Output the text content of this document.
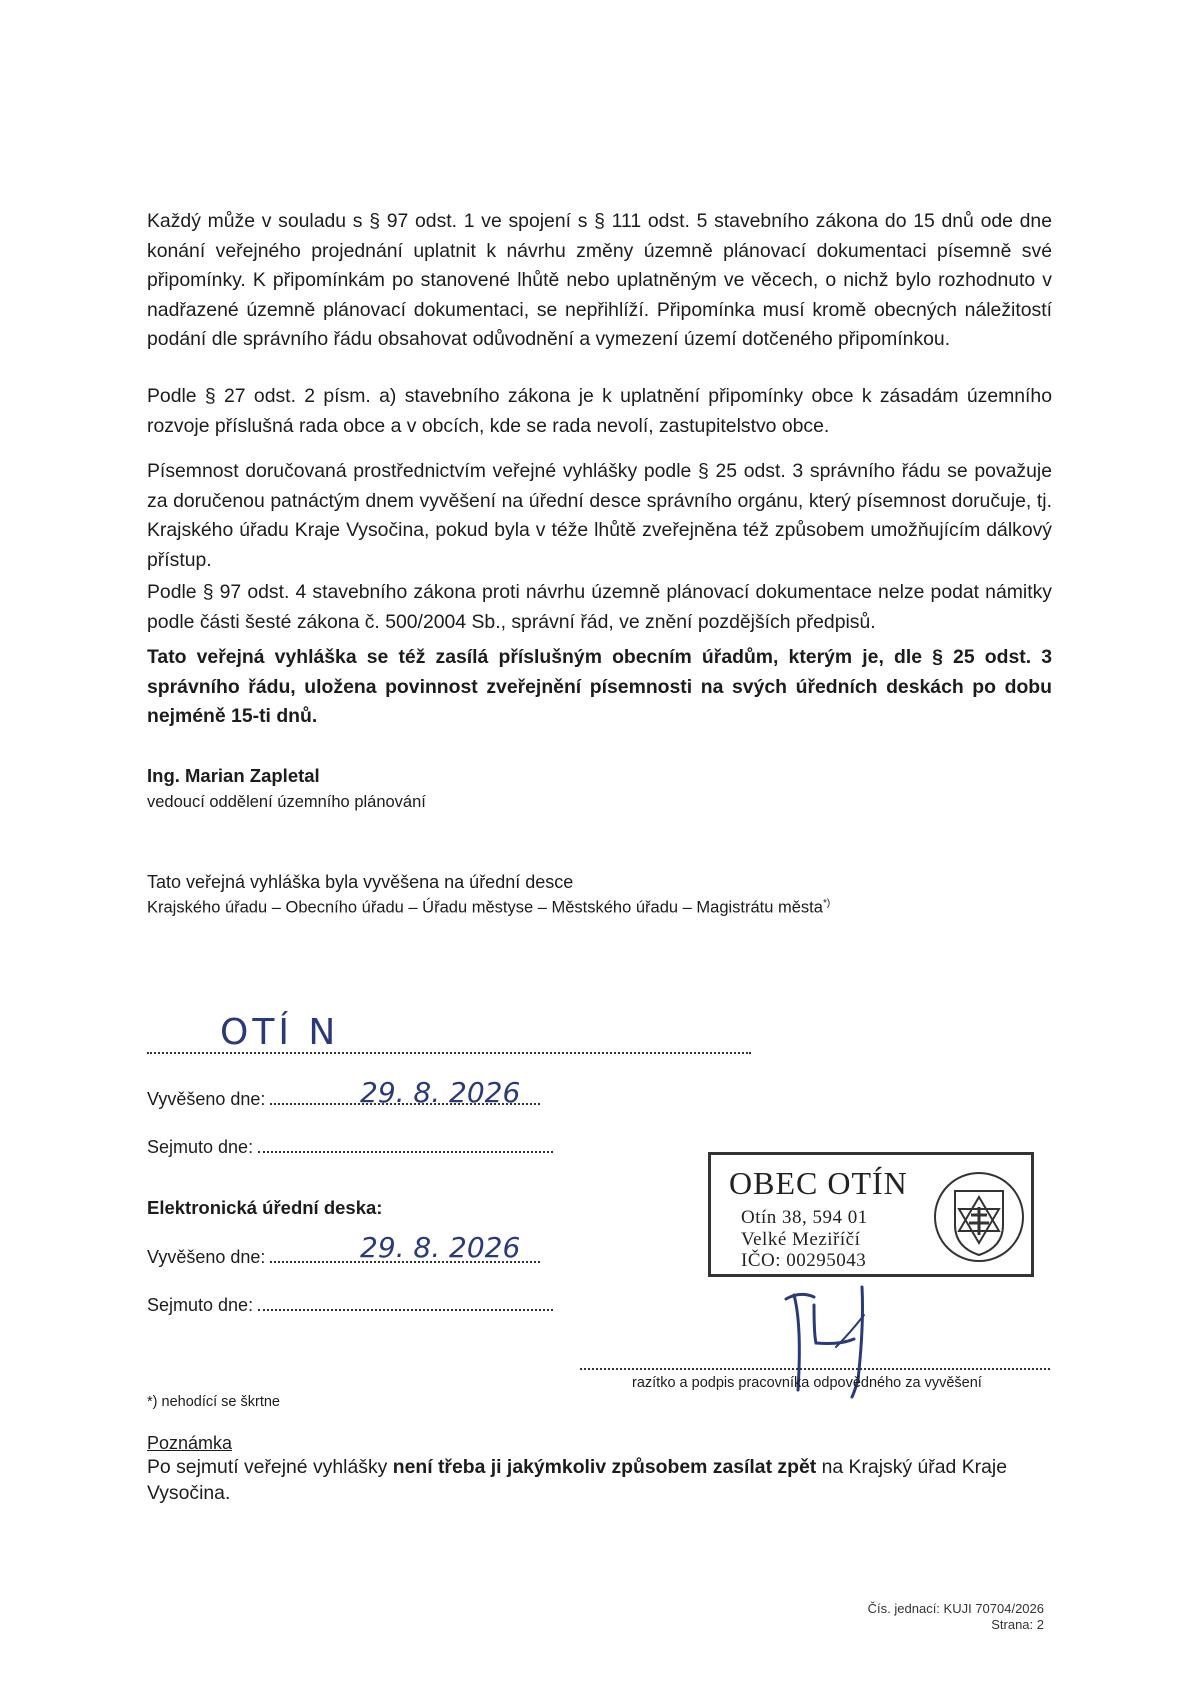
Každý může v souladu s § 97 odst. 1 ve spojení s § 111 odst. 5 stavebního zákona do 15 dnů ode dne konání veřejného projednání uplatnit k návrhu změny územně plánovací dokumentaci písemně své připomínky. K připomínkám po stanovené lhůtě nebo uplatněným ve věcech, o nichž bylo rozhodnuto v nadřazené územně plánovací dokumentaci, se nepřihlíží. Připomínka musí kromě obecných náležitostí podání dle správního řádu obsahovat odůvodnění a vymezení území dotčeného připomínkou.

Podle § 27 odst. 2 písm. a) stavebního zákona je k uplatnění připomínky obce k zásadám územního rozvoje příslušná rada obce a v obcích, kde se rada nevolí, zastupitelstvo obce.

Písemnost doručovaná prostřednictvím veřejné vyhlášky podle § 25 odst. 3 správního řádu se považuje za doručenou patnáctým dnem vyvěšení na úřední desce správního orgánu, který písemnost doručuje, tj. Krajského úřadu Kraje Vysočina, pokud byla v téže lhůtě zveřejněna též způsobem umožňujícím dálkový přístup.

Podle § 97 odst. 4 stavebního zákona proti návrhu územně plánovací dokumentace nelze podat námitky podle části šesté zákona č. 500/2004 Sb., správní řád, ve znění pozdějších předpisů.

Tato veřejná vyhláška se též zasílá příslušným obecním úřadům, kterým je, dle § 25 odst. 3 správního řádu, uložena povinnost zveřejnění písemnosti na svých úředních deskách po dobu nejméně 15-ti dnů.

Ing. Marian Zapletal
vedoucí oddělení územního plánování
Tato veřejná vyhláška byla vyvěšena na úřední desce
Krajského úřadu – Obecního úřadu – Úřadu městyse – Městského úřadu – Magistrátu města*)
OTÍ N
Vyvěšeno dne:	29. 8. 2026
Sejmuto dne:
Elektronická úřední deska:
Vyvěšeno dne:	29. 8. 2026
Sejmuto dne:
OBEC OTÍN
Otín 38, 594 01
Velké Meziříčí
IČO: 00295043
razítko a podpis pracovníka odpovědného za vyvěšení
*) nehodící se škrtne
Poznámka

Po sejmutí veřejné vyhlášky není třeba ji jakýmkoliv způsobem zasílat zpět na Krajský úřad Kraje Vysočina.

Čís. jednací: KUJI 70704/2026
Strana: 2
